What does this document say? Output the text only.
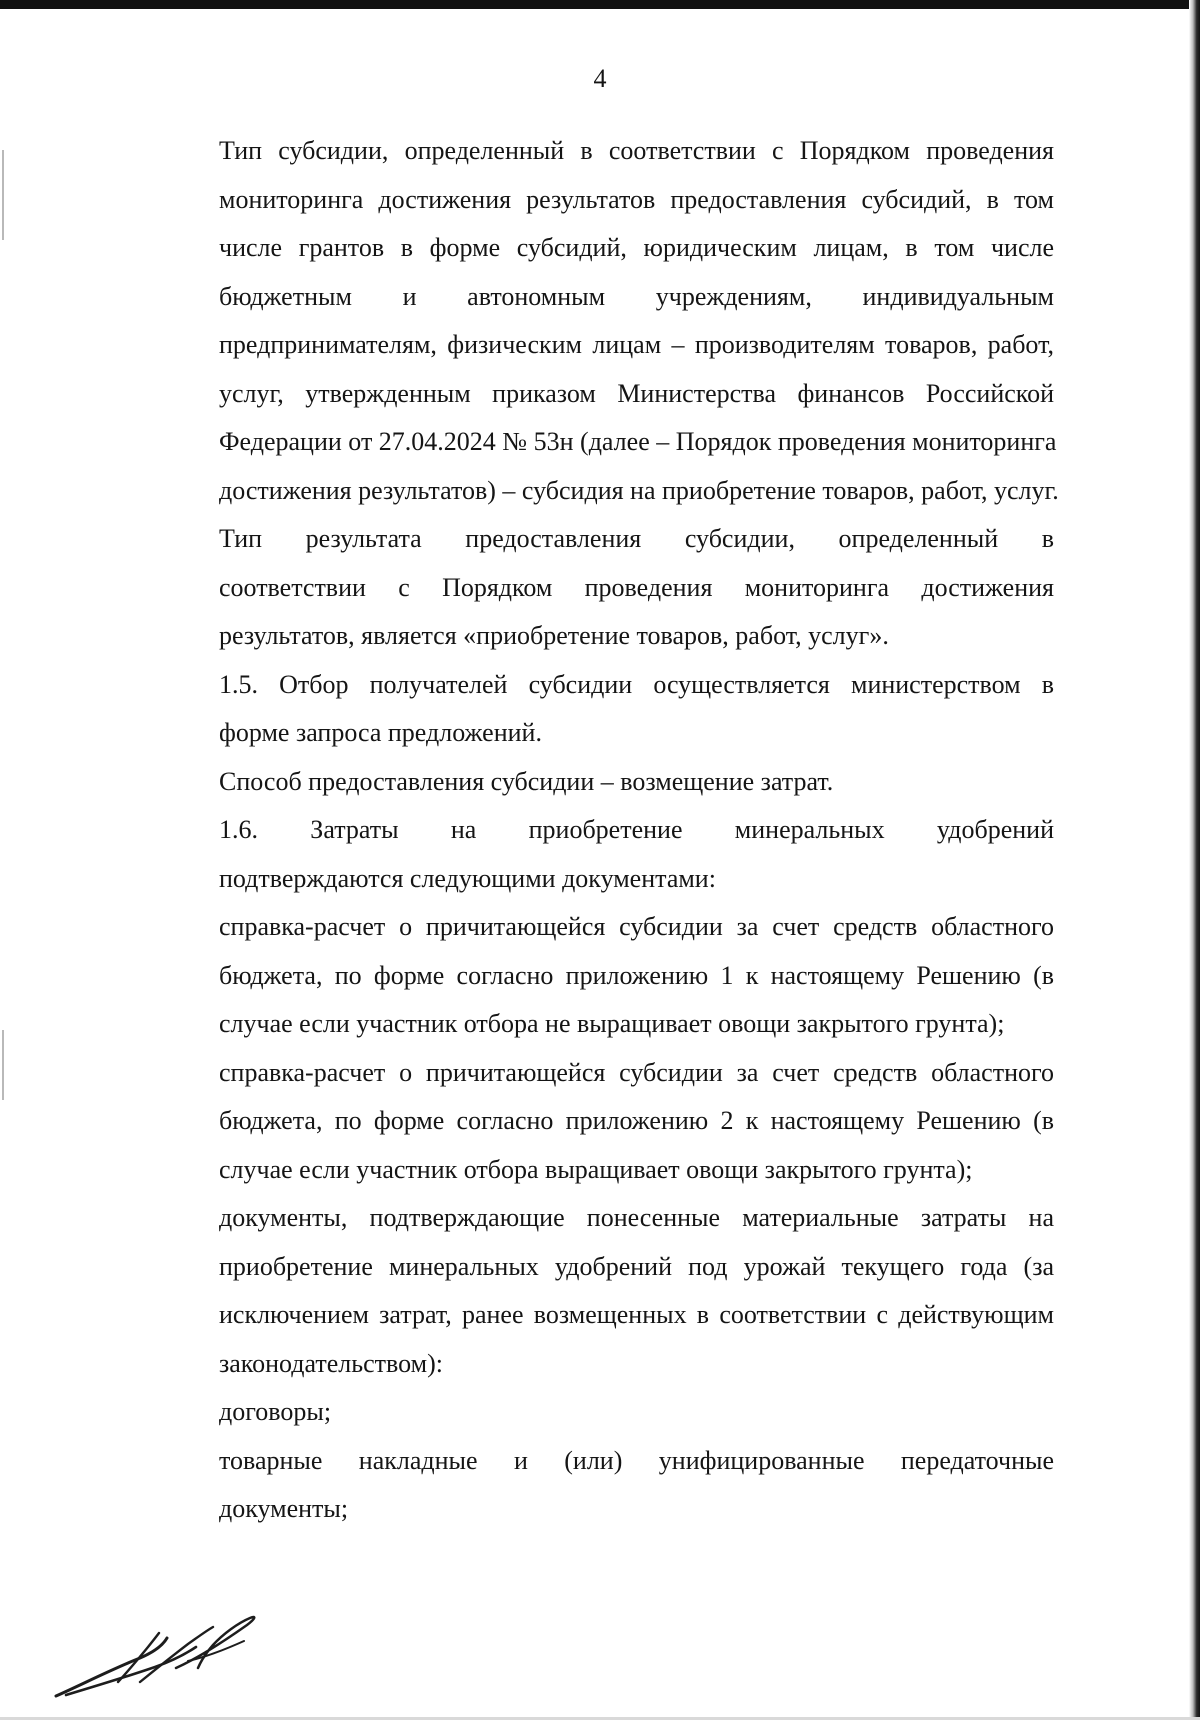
4

Тип субсидии, определенный в соответствии с Порядком проведения
мониторинга достижения результатов предоставления субсидий, в том
числе грантов в форме субсидий, юридическим лицам, в том числе
бюджетным и автономным учреждениям, индивидуальным
предпринимателям, физическим лицам – производителям товаров, работ,
услуг, утвержденным приказом Министерства финансов Российской
Федерации от 27.04.2024 № 53н (далее – Порядок проведения мониторинга
достижения результатов) – субсидия на приобретение товаров, работ, услуг.

Тип результата предоставления субсидии, определенный в
соответствии с Порядком проведения мониторинга достижения
результатов, является «приобретение товаров, работ, услуг».

1.5. Отбор получателей субсидии осуществляется министерством в
форме запроса предложений.

Способ предоставления субсидии – возмещение затрат.

1.6. Затраты на приобретение минеральных удобрений
подтверждаются следующими документами:

справка-расчет о причитающейся субсидии за счет средств областного
бюджета, по форме согласно приложению 1 к настоящему Решению (в
случае если участник отбора не выращивает овощи закрытого грунта);

справка-расчет о причитающейся субсидии за счет средств областного
бюджета, по форме согласно приложению 2 к настоящему Решению (в
случае если участник отбора выращивает овощи закрытого грунта);

документы, подтверждающие понесенные материальные затраты на
приобретение минеральных удобрений под урожай текущего года (за
исключением затрат, ранее возмещенных в соответствии с действующим
законодательством):

договоры;

товарные накладные и (или) унифицированные передаточные
документы;
